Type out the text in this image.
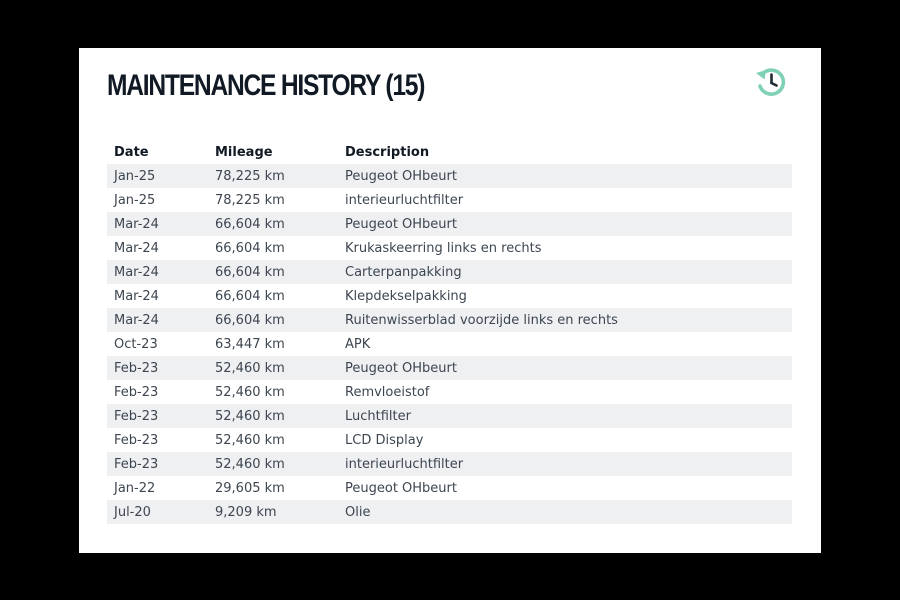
MAINTENANCE HISTORY (15)
Date	Mileage	Description
Jan-25	78,225 km	Peugeot OHbeurt
Jan-25	78,225 km	interieurluchtfilter
Mar-24	66,604 km	Peugeot OHbeurt
Mar-24	66,604 km	Krukaskeerring links en rechts
Mar-24	66,604 km	Carterpanpakking
Mar-24	66,604 km	Klepdekselpakking
Mar-24	66,604 km	Ruitenwisserblad voorzijde links en rechts
Oct-23	63,447 km	APK
Feb-23	52,460 km	Peugeot OHbeurt
Feb-23	52,460 km	Remvloeistof
Feb-23	52,460 km	Luchtfilter
Feb-23	52,460 km	LCD Display
Feb-23	52,460 km	interieurluchtfilter
Jan-22	29,605 km	Peugeot OHbeurt
Jul-20	9,209 km	Olie
